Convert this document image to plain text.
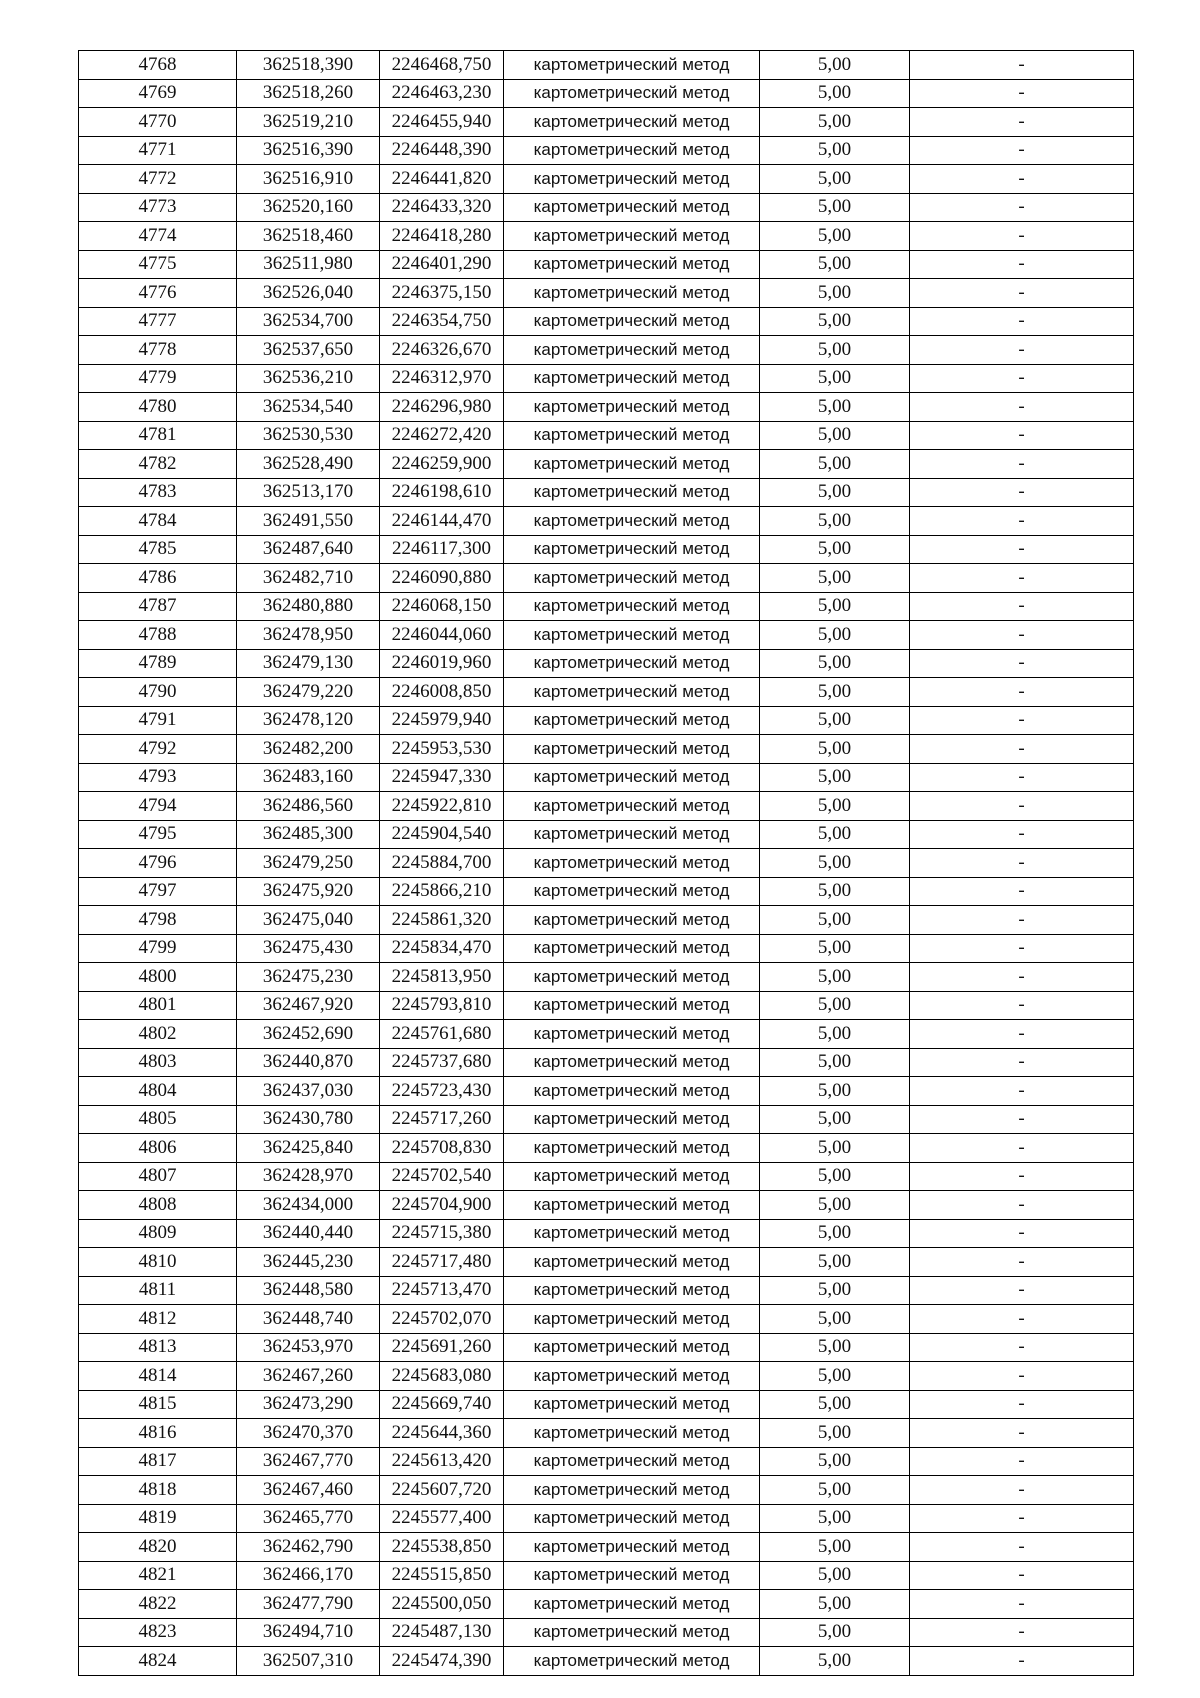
4768	362518,390	2246468,750	картометрический метод	5,00	-
4769	362518,260	2246463,230	картометрический метод	5,00	-
4770	362519,210	2246455,940	картометрический метод	5,00	-
4771	362516,390	2246448,390	картометрический метод	5,00	-
4772	362516,910	2246441,820	картометрический метод	5,00	-
4773	362520,160	2246433,320	картометрический метод	5,00	-
4774	362518,460	2246418,280	картометрический метод	5,00	-
4775	362511,980	2246401,290	картометрический метод	5,00	-
4776	362526,040	2246375,150	картометрический метод	5,00	-
4777	362534,700	2246354,750	картометрический метод	5,00	-
4778	362537,650	2246326,670	картометрический метод	5,00	-
4779	362536,210	2246312,970	картометрический метод	5,00	-
4780	362534,540	2246296,980	картометрический метод	5,00	-
4781	362530,530	2246272,420	картометрический метод	5,00	-
4782	362528,490	2246259,900	картометрический метод	5,00	-
4783	362513,170	2246198,610	картометрический метод	5,00	-
4784	362491,550	2246144,470	картометрический метод	5,00	-
4785	362487,640	2246117,300	картометрический метод	5,00	-
4786	362482,710	2246090,880	картометрический метод	5,00	-
4787	362480,880	2246068,150	картометрический метод	5,00	-
4788	362478,950	2246044,060	картометрический метод	5,00	-
4789	362479,130	2246019,960	картометрический метод	5,00	-
4790	362479,220	2246008,850	картометрический метод	5,00	-
4791	362478,120	2245979,940	картометрический метод	5,00	-
4792	362482,200	2245953,530	картометрический метод	5,00	-
4793	362483,160	2245947,330	картометрический метод	5,00	-
4794	362486,560	2245922,810	картометрический метод	5,00	-
4795	362485,300	2245904,540	картометрический метод	5,00	-
4796	362479,250	2245884,700	картометрический метод	5,00	-
4797	362475,920	2245866,210	картометрический метод	5,00	-
4798	362475,040	2245861,320	картометрический метод	5,00	-
4799	362475,430	2245834,470	картометрический метод	5,00	-
4800	362475,230	2245813,950	картометрический метод	5,00	-
4801	362467,920	2245793,810	картометрический метод	5,00	-
4802	362452,690	2245761,680	картометрический метод	5,00	-
4803	362440,870	2245737,680	картометрический метод	5,00	-
4804	362437,030	2245723,430	картометрический метод	5,00	-
4805	362430,780	2245717,260	картометрический метод	5,00	-
4806	362425,840	2245708,830	картометрический метод	5,00	-
4807	362428,970	2245702,540	картометрический метод	5,00	-
4808	362434,000	2245704,900	картометрический метод	5,00	-
4809	362440,440	2245715,380	картометрический метод	5,00	-
4810	362445,230	2245717,480	картометрический метод	5,00	-
4811	362448,580	2245713,470	картометрический метод	5,00	-
4812	362448,740	2245702,070	картометрический метод	5,00	-
4813	362453,970	2245691,260	картометрический метод	5,00	-
4814	362467,260	2245683,080	картометрический метод	5,00	-
4815	362473,290	2245669,740	картометрический метод	5,00	-
4816	362470,370	2245644,360	картометрический метод	5,00	-
4817	362467,770	2245613,420	картометрический метод	5,00	-
4818	362467,460	2245607,720	картометрический метод	5,00	-
4819	362465,770	2245577,400	картометрический метод	5,00	-
4820	362462,790	2245538,850	картометрический метод	5,00	-
4821	362466,170	2245515,850	картометрический метод	5,00	-
4822	362477,790	2245500,050	картометрический метод	5,00	-
4823	362494,710	2245487,130	картометрический метод	5,00	-
4824	362507,310	2245474,390	картометрический метод	5,00	-
